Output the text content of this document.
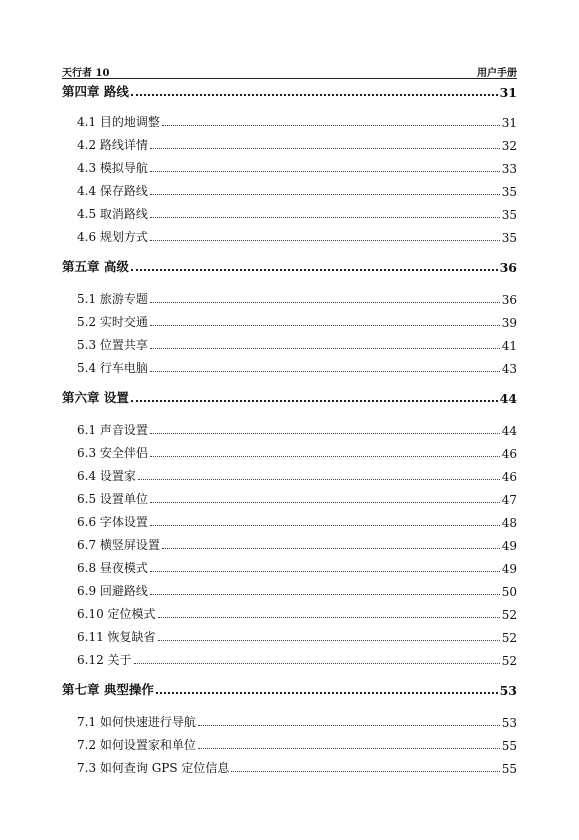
天行者 10	用户手册
第四章 路线	31
4.1 目的地调整	31
4.2 路线详情	32
4.3 模拟导航	33
4.4 保存路线	35
4.5 取消路线	35
4.6 规划方式	35
第五章 高级	36
5.1 旅游专题	36
5.2 实时交通	39
5.3 位置共享	41
5.4 行车电脑	43
第六章 设置	44
6.1 声音设置	44
6.3 安全伴侣	46
6.4 设置家	46
6.5 设置单位	47
6.6 字体设置	48
6.7 横竖屏设置	49
6.8 昼夜模式	49
6.9 回避路线	50
6.10 定位模式	52
6.11 恢复缺省	52
6.12 关于	52
第七章 典型操作	53
7.1 如何快速进行导航	53
7.2 如何设置家和单位	55
7.3 如何查询 GPS 定位信息	55
